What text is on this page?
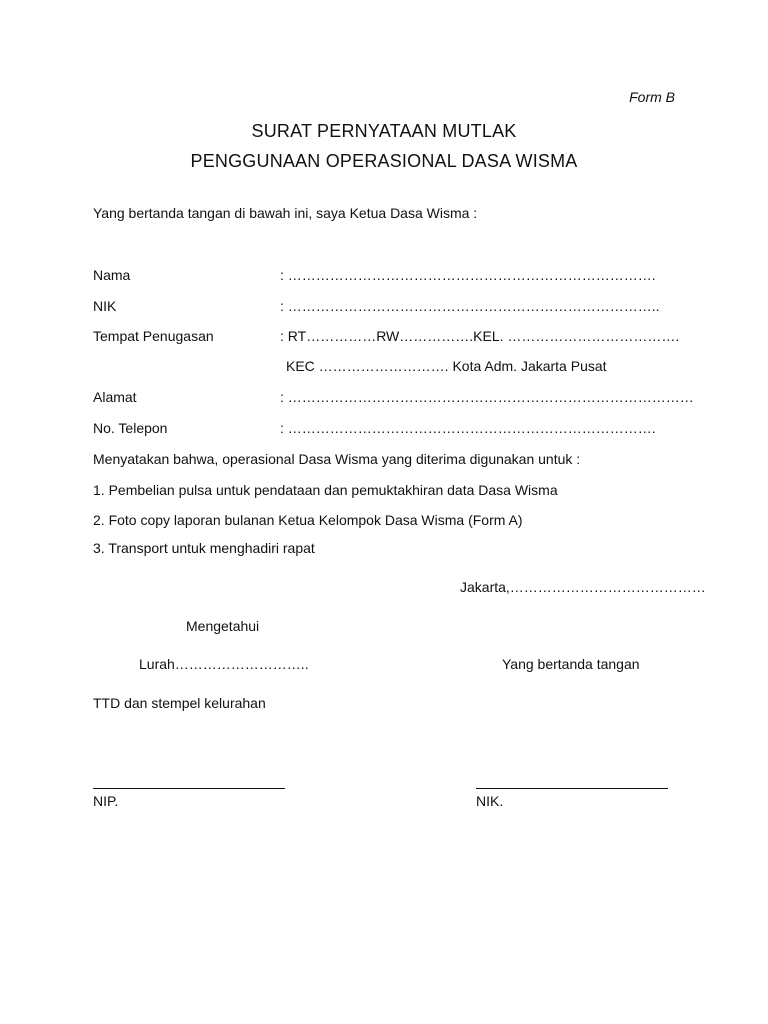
Form B
SURAT PERNYATAAN MUTLAK
PENGGUNAAN OPERASIONAL DASA WISMA
Yang bertanda tangan di bawah ini, saya Ketua Dasa Wisma :
Nama	: …………………………………………………………………….
NIK	: ……………………………………………………………………..
Tempat Penugasan	: RT……………RW…………….KEL. ……………………………….
KEC ………………………. Kota Adm. Jakarta Pusat
Alamat	: ……………………………………………………………………………
No. Telepon	: …………………………………………………………………….
Menyatakan bahwa, operasional Dasa Wisma yang diterima digunakan untuk :
1. Pembelian pulsa untuk pendataan dan pemuktakhiran data Dasa Wisma
2. Foto copy laporan bulanan Ketua Kelompok Dasa Wisma (Form A)
3. Transport untuk menghadiri rapat
Jakarta,……………………………………
Mengetahui
Lurah………………………..	Yang bertanda tangan
TTD dan stempel kelurahan
NIP.	NIK.
